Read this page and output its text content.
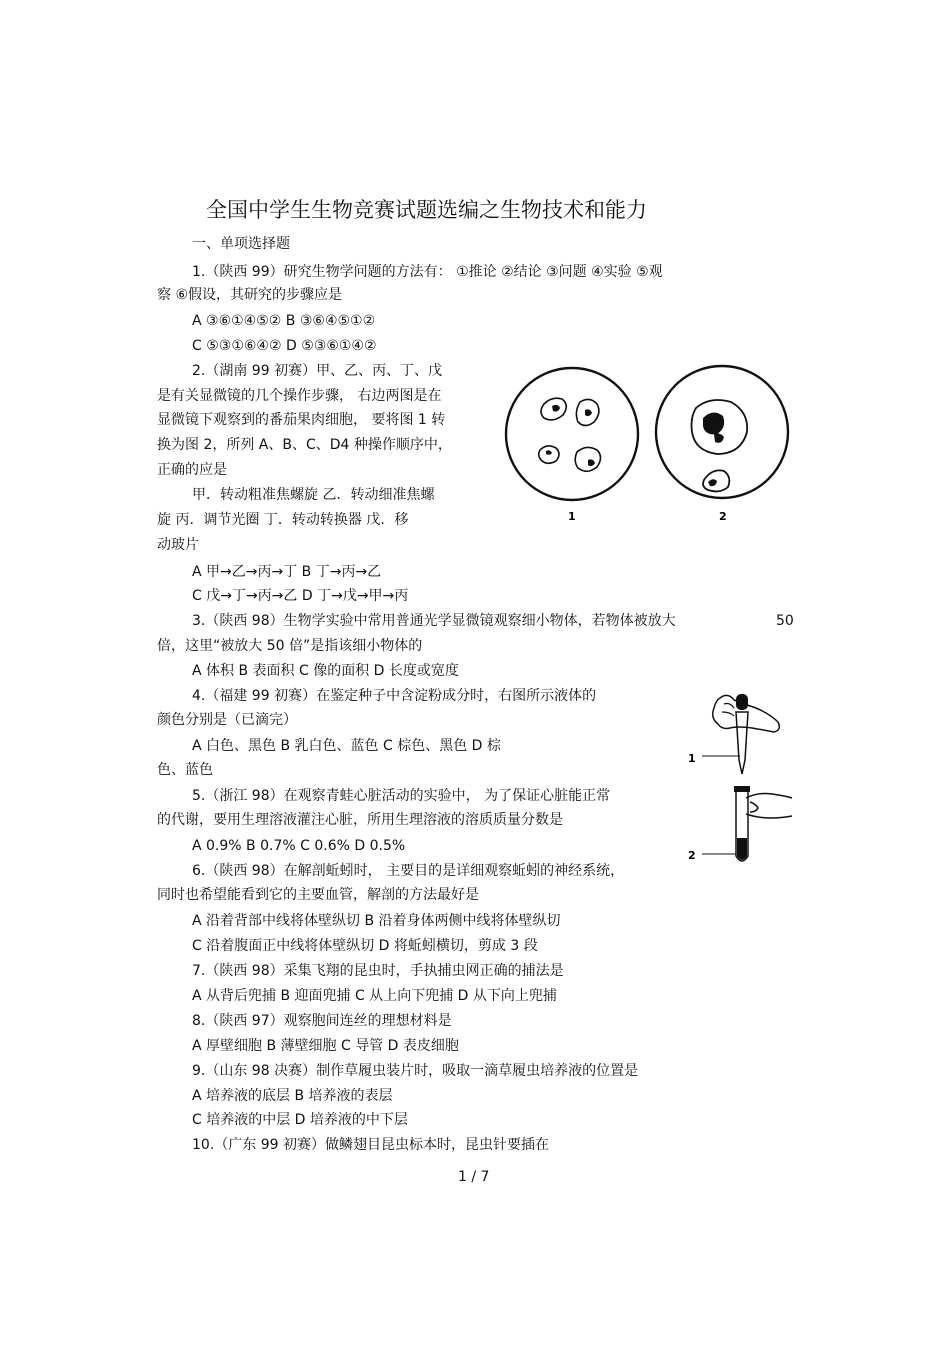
全国中学生生物竞赛试题选编之生物技术和能力
一、单项选择题
1.（陕西 99）研究生物学问题的方法有： ①推论 ②结论 ③问题 ④实验 ⑤观
察 ⑥假设，其研究的步骤应是
A ③⑥①④⑤② B ③⑥④⑤①②
C ⑤③①⑥④② D ⑤③⑥①④②
2.（湖南 99 初赛）甲、乙、丙、丁、戊
是有关显微镜的几个操作步骤， 右边两图是在
显微镜下观察到的番茄果肉细胞， 要将图 1 转
换为图 2，所列 A、B、C、D4 种操作顺序中，
正确的应是
甲．转动粗准焦螺旋 乙．转动细准焦螺
旋 丙．调节光圈 丁．转动转换器 戊．移
动玻片
A 甲→乙→丙→丁 B 丁→丙→乙
C 戊→丁→丙→乙 D 丁→戊→甲→丙
1	2
3.（陕西 98）生物学实验中常用普通光学显微镜观察细小物体，若物体被放大	50
倍，这里“被放大 50 倍”是指该细小物体的
A 体积 B 表面积 C 像的面积 D 长度或宽度
4.（福建 99 初赛）在鉴定种子中含淀粉成分时，右图所示液体的
颜色分别是（已滴完）
A 白色、黑色 B 乳白色、蓝色 C 棕色、黑色 D 棕
色、蓝色
1
2
5.（浙江 98）在观察青蛙心脏活动的实验中， 为了保证心脏能正常
的代谢，要用生理溶液灌注心脏，所用生理溶液的溶质质量分数是
A 0.9% B 0.7% C 0.6% D 0.5%
6.（陕西 98）在解剖蚯蚓时， 主要目的是详细观察蚯蚓的神经系统，
同时也希望能看到它的主要血管，解剖的方法最好是
A 沿着背部中线将体壁纵切 B 沿着身体两侧中线将体壁纵切
C 沿着腹面正中线将体壁纵切 D 将蚯蚓横切，剪成 3 段
7.（陕西 98）采集飞翔的昆虫时，手执捕虫网正确的捕法是
A 从背后兜捕 B 迎面兜捕 C 从上向下兜捕 D 从下向上兜捕
8.（陕西 97）观察胞间连丝的理想材料是
A 厚壁细胞 B 薄壁细胞 C 导管 D 表皮细胞
9.（山东 98 决赛）制作草履虫装片时，吸取一滴草履虫培养液的位置是
A 培养液的底层 B 培养液的表层
C 培养液的中层 D 培养液的中下层
10.（广东 99 初赛）做鳞翅目昆虫标本时，昆虫针要插在
1 / 7
